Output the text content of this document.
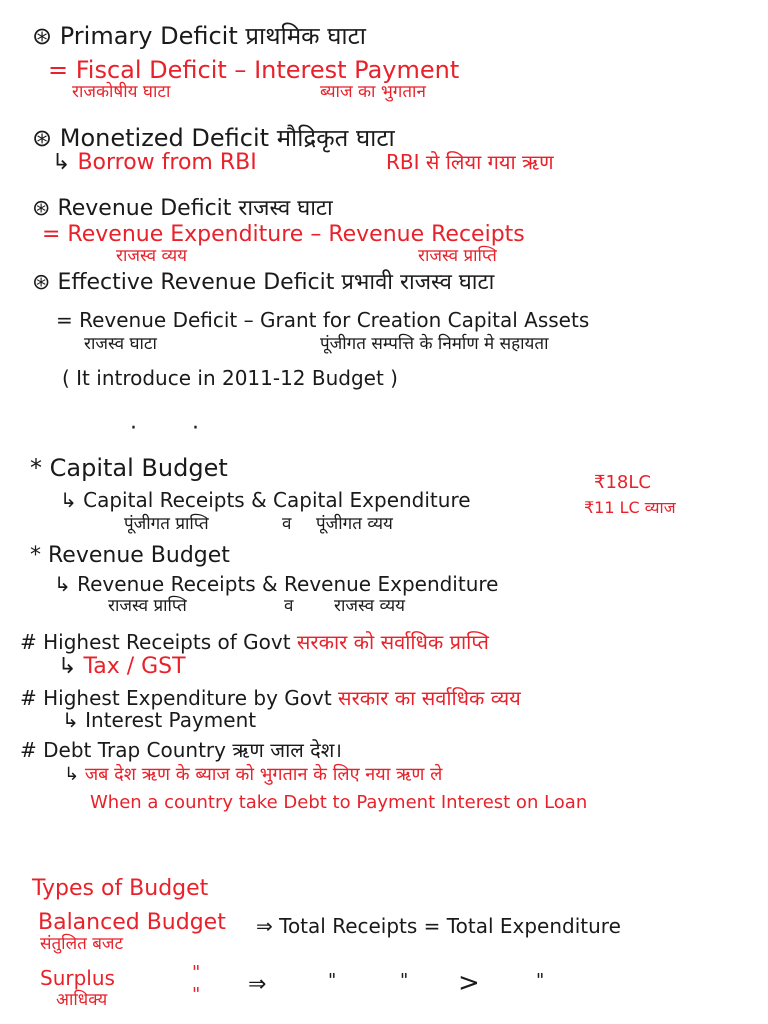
⊛ Primary Deficit प्राथमिक घाटा
= Fiscal Deficit – Interest Payment
राजकोषीय घाटा	ब्याज का भुगतान
⊛ Monetized Deficit मौद्रिकृत घाटा
↳ Borrow from RBI	RBI से लिया गया ऋण
⊛ Revenue Deficit राजस्व घाटा
= Revenue Expenditure – Revenue Receipts
राजस्व व्यय	राजस्व प्राप्ति
⊛ Effective Revenue Deficit प्रभावी राजस्व घाटा
= Revenue Deficit – Grant for Creation Capital Assets
राजस्व घाटा	पूंजीगत सम्पत्ति के निर्माण मे सहायता
( It introduce in 2011-12 Budget )
· ·
* Capital Budget
↳ Capital Receipts & Capital Expenditure
पूंजीगत प्राप्ति	व पूंजीगत व्यय
₹18LC
₹11 LC व्याज
* Revenue Budget
↳ Revenue Receipts & Revenue Expenditure
राजस्व प्राप्ति	व राजस्व व्यय
# Highest Receipts of Govt सरकार को सर्वाधिक प्राप्ति
↳ Tax / GST
# Highest Expenditure by Govt सरकार का सर्वाधिक व्यय
↳ Interest Payment
# Debt Trap Country ऋण जाल देश।
↳ जब देश ऋण के ब्याज को भुगतान के लिए नया ऋण ले
When a country take Debt to Payment Interest on Loan
Types of Budget
Balanced Budget
संतुलित बजट
⇒ Total Receipts = Total Expenditure
Surplus
आधिक्य
"
" ⇒	"	" >	"
